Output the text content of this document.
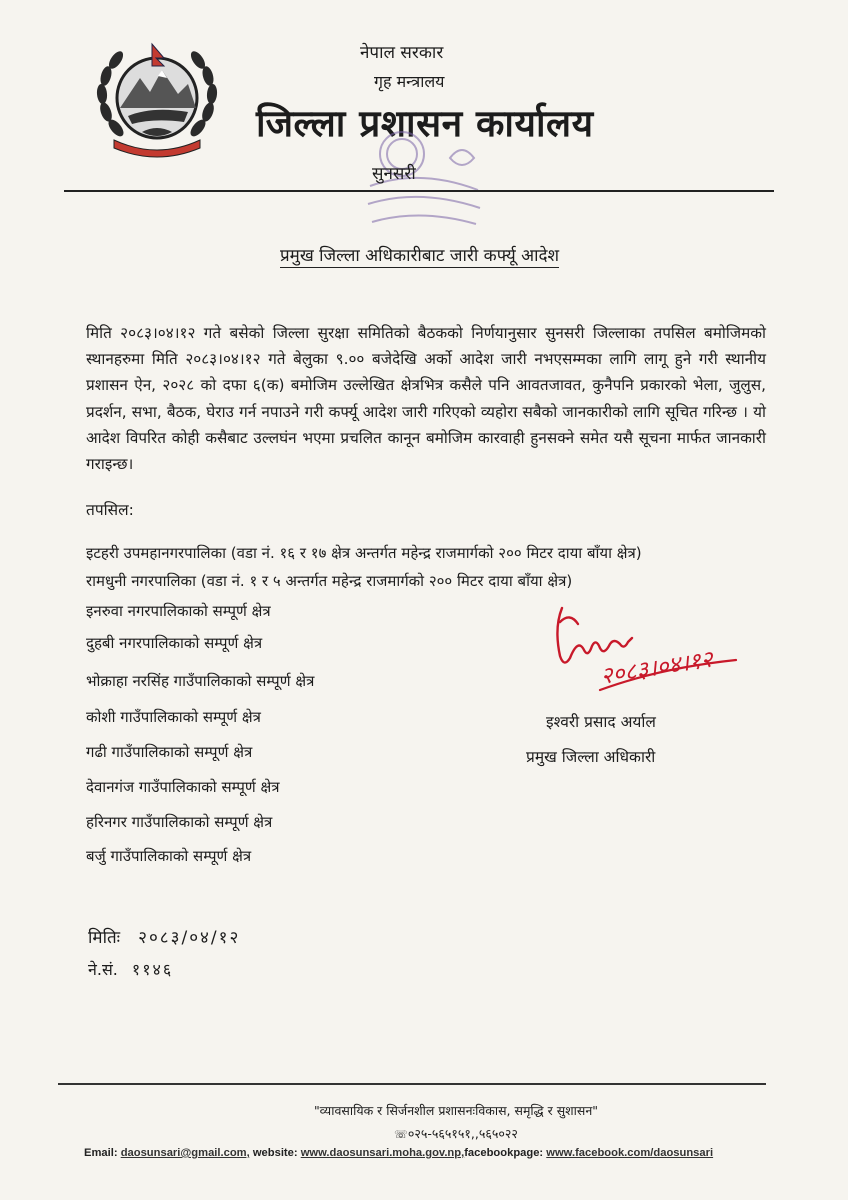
नेपाल सरकार
गृह मन्त्रालय
जिल्ला प्रशासन कार्यालय
सुनसरी
प्रमुख जिल्ला अधिकारीबाट जारी कर्फ्यू आदेश

मिति २०८३।०४।१२ गते बसेको जिल्ला सुरक्षा समितिको बैठकको निर्णयानुसार सुनसरी जिल्लाका तपसिल बमोजिमको स्थानहरुमा मिति २०८३।०४।१२ गते बेलुका ९.०० बजेदेखि अर्को आदेश जारी नभएसम्मका लागि लागू हुने गरी स्थानीय प्रशासन ऐन, २०२८ को दफा ६(क) बमोजिम उल्लेखित क्षेत्रभित्र कसैले पनि आवतजावत, कुनैपनि प्रकारको भेला, जुलुस, प्रदर्शन, सभा, बैठक, घेराउ गर्न नपाउने गरी कर्फ्यू आदेश जारी गरिएको व्यहोरा सबैको जानकारीको लागि सूचित गरिन्छ । यो आदेश विपरित कोही कसैबाट उल्लघंन भएमा प्रचलित कानून बमोजिम कारवाही हुनसक्ने समेत यसै सूचना मार्फत जानकारी गराइन्छ।

तपसिल:
इटहरी उपमहानगरपालिका (वडा नं. १६ र १७ क्षेत्र अन्तर्गत महेन्द्र राजमार्गको २०० मिटर दाया बाँया क्षेत्र)
रामधुनी नगरपालिका (वडा नं. १ र ५ अन्तर्गत महेन्द्र राजमार्गको २०० मिटर दाया बाँया क्षेत्र)
इनरुवा नगरपालिकाको सम्पूर्ण क्षेत्र
दुहबी नगरपालिकाको सम्पूर्ण क्षेत्र
भोक्राहा नरसिंह गाउँपालिकाको सम्पूर्ण क्षेत्र
कोशी गाउँपालिकाको सम्पूर्ण क्षेत्र
गढी गाउँपालिकाको सम्पूर्ण क्षेत्र
देवानगंज गाउँपालिकाको सम्पूर्ण क्षेत्र
हरिनगर गाउँपालिकाको सम्पूर्ण क्षेत्र
बर्जु गाउँपालिकाको सम्पूर्ण क्षेत्र
२०८३।०४।१२
इश्वरी प्रसाद अर्याल
प्रमुख जिल्ला अधिकारी
मितिः २०८३/०४/१२
ने.सं. ११४६
"व्यावसायिक र सिर्जनशील प्रशासनःविकास, समृद्धि र सुशासन"
☏०२५-५६५१५१,,५६५०२२
Email: daosunsari@gmail.com, website: www.daosunsari.moha.gov.np,facebookpage: www.facebook.com/daosunsari
